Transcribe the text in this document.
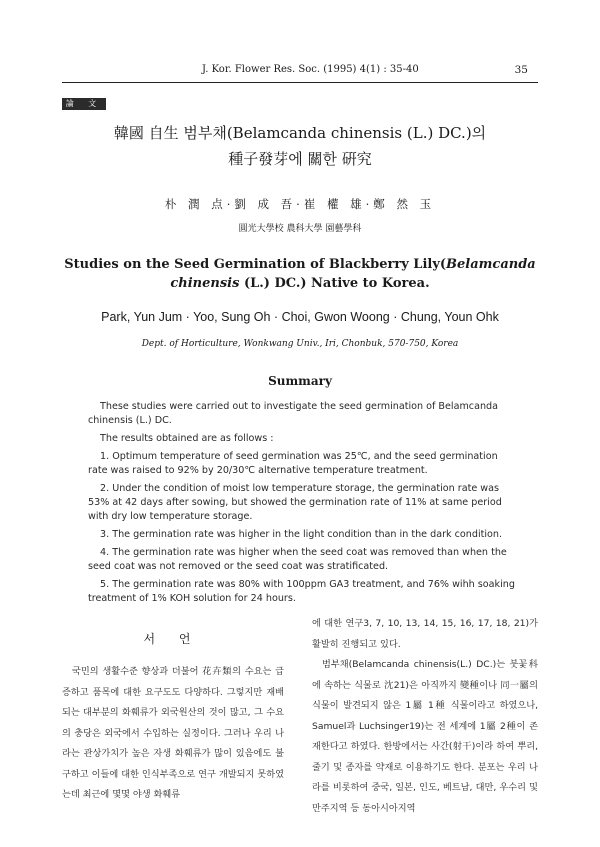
J. Kor. Flower Res. Soc. (1995) 4(1) : 35-40	35
論 文
韓國 自生 범부채(Belamcanda chinensis (L.) DC.)의
種子發芽에 關한 硏究
朴 潤 点·劉 成 吾·崔 權 雄·鄭 然 玉
圓光大學校 農科大學 園藝學科
Studies on the Seed Germination of Blackberry Lily(Belamcanda
chinensis (L.) DC.) Native to Korea.
Park, Yun Jum · Yoo, Sung Oh · Choi, Gwon Woong · Chung, Youn Ohk
Dept. of Horticulture, Wonkwang Univ., Iri, Chonbuk, 570-750, Korea
Summary

These studies were carried out to investigate the seed germination of Belamcanda chinensis (L.) DC.

The results obtained are as follows :

1. Optimum temperature of seed germination was 25℃, and the seed germination rate was raised to 92% by 20/30℃ alternative temperature treatment.

2. Under the condition of moist low temperature storage, the germination rate was 53% at 42 days after sowing, but showed the germination rate of 11% at same period with dry low temperature storage.

3. The germination rate was higher in the light condition than in the dark condition.

4. The germination rate was higher when the seed coat was removed than when the seed coat was not removed or the seed coat was stratificated.

5. The germination rate was 80% with 100ppm GA3 treatment, and 76% wihh soaking treatment of 1% KOH solution for 24 hours.

서 언

국민의 생활수준 향상과 더불어 花卉類의 수요는 급증하고 품목에 대한 요구도도 다양하다. 그렇지만 재배되는 대부분의 화훼류가 외국원산의 것이 많고, 그 수요의 충당은 외국에서 수입하는 실정이다. 그러나 우리 나라는 관상가치가 높은 자생 화훼류가 많이 있음에도 불구하고 이들에 대한 인식부족으로 연구 개발되지 못하였는데 최근에 몇몇 야생 화훼류

에 대한 연구3, 7, 10, 13, 14, 15, 16, 17, 18, 21)가 활발히 진행되고 있다.

범부채(Belamcanda chinensis(L.) DC.)는 붓꽃科에 속하는 식물로 沈21)은 아직까지 變種이나 同一屬의 식물이 발견되지 않은 1屬 1種 식물이라고 하였으나, Samuel과 Luchsinger19)는 전 세계에 1屬 2種이 존재한다고 하였다. 한방에서는 사간(射干)이라 하여 뿌리, 줄기 및 종자를 약재로 이용하기도 한다. 분포는 우리 나라를 비롯하여 중국, 일본, 인도, 베트남, 대만, 우수리 및 만주지역 등 동아시아지역
